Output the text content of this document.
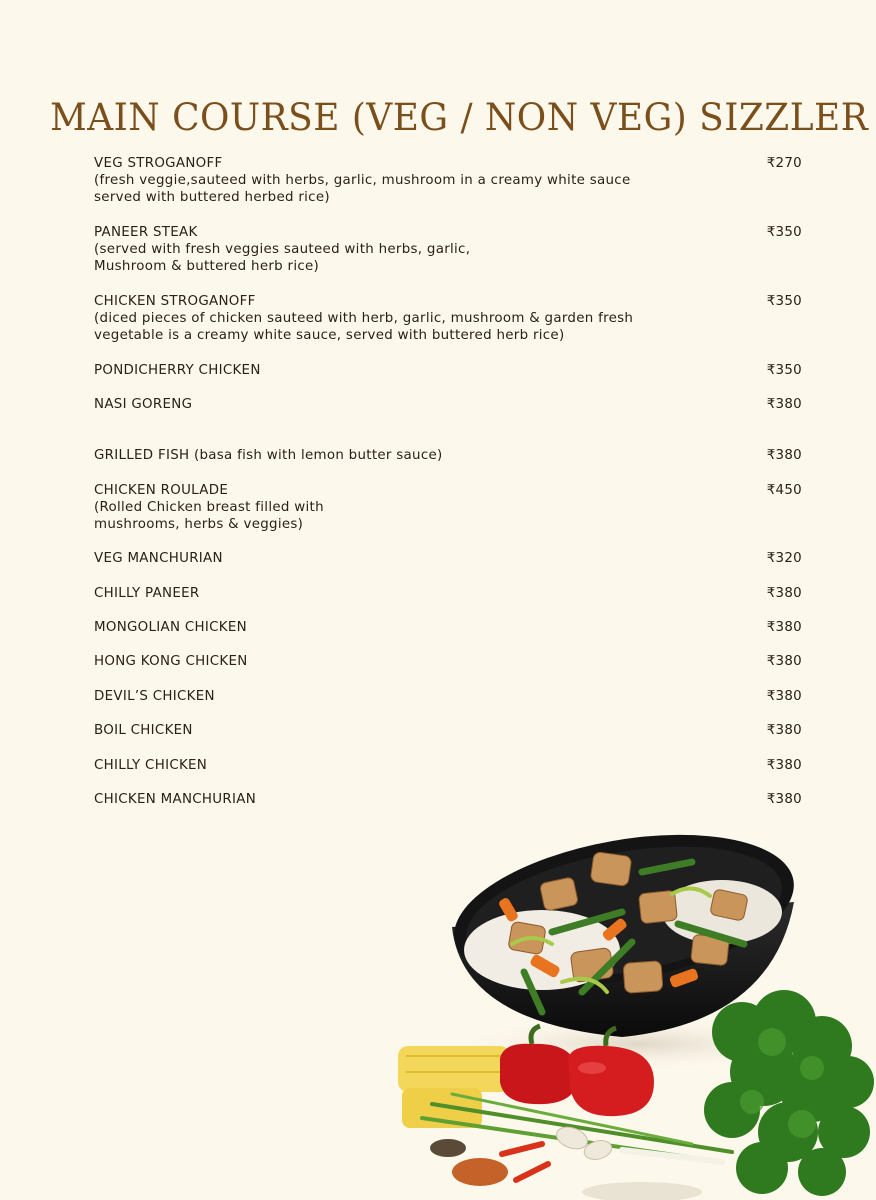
MAIN COURSE (VEG / NON VEG) SIZZLER
VEG STROGANOFF
(fresh veggie,sauteed with herbs, garlic, mushroom in a creamy white sauce served with buttered herbed rice)
₹270
PANEER STEAK
(served with fresh veggies sauteed with herbs, garlic, Mushroom & buttered herb rice)
₹350
CHICKEN STROGANOFF
(diced pieces of chicken sauteed with herb, garlic, mushroom & garden fresh vegetable is a creamy white sauce, served with buttered herb rice)
₹350
PONDICHERRY CHICKEN	₹350
NASI GORENG	₹380
GRILLED FISH (basa fish with lemon butter sauce)	₹380
CHICKEN ROULADE
(Rolled Chicken breast filled with mushrooms, herbs & veggies)
₹450
VEG MANCHURIAN	₹320
CHILLY PANEER	₹380
MONGOLIAN CHICKEN	₹380
HONG KONG CHICKEN	₹380
DEVIL’S CHICKEN	₹380
BOIL CHICKEN	₹380
CHILLY CHICKEN	₹380
CHICKEN MANCHURIAN	₹380
